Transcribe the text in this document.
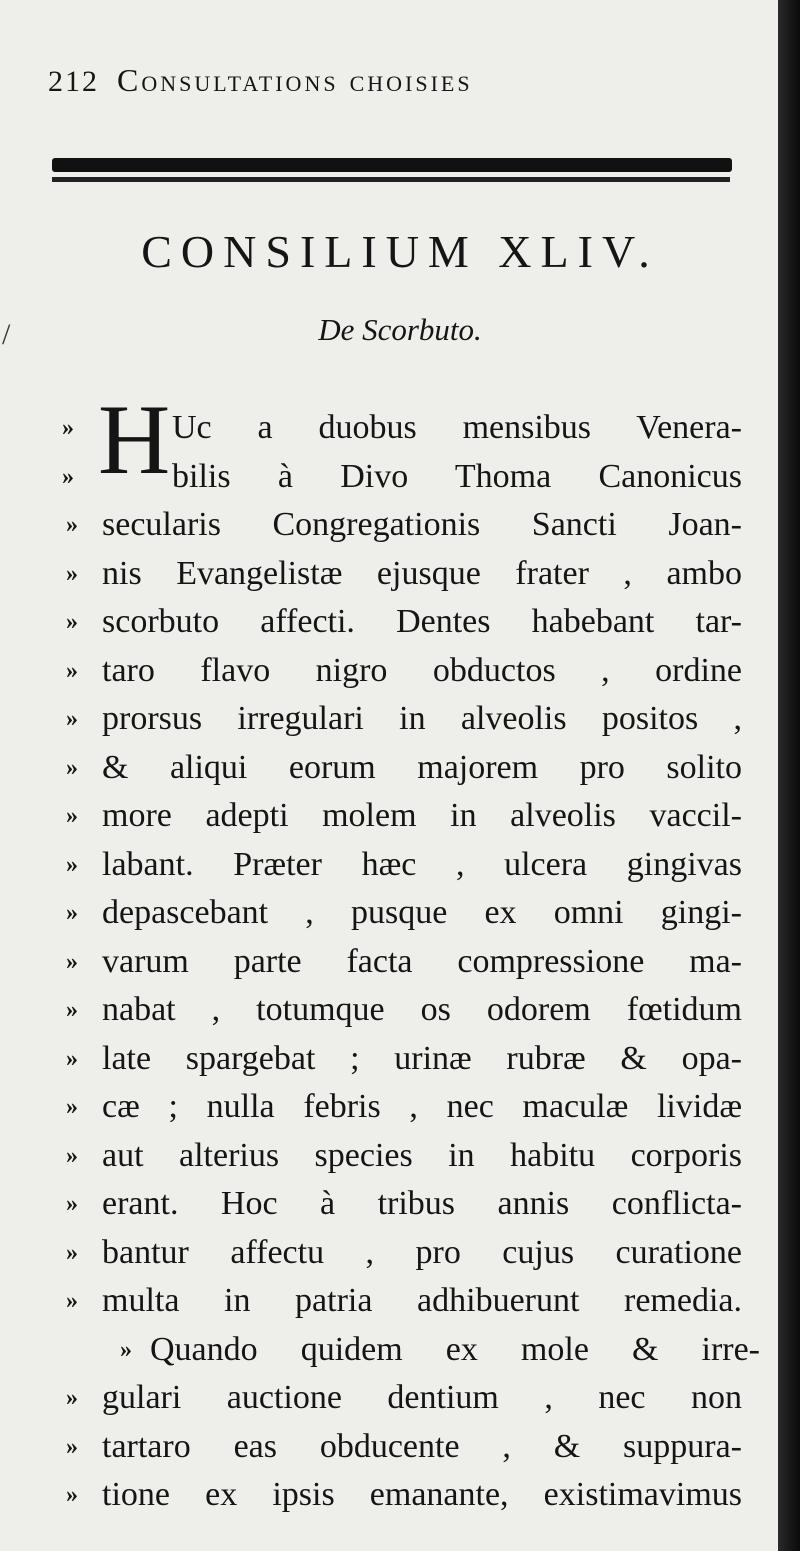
212 Consultations choisies
CONSILIUM XLIV.
De Scorbuto.
/
H
»	Uc a duobus mensibus Venera-
»	bilis à Divo Thoma Canonicus
» secularis Congregationis Sancti Joan-
» nis Evangelistæ ejusque frater , ambo
» scorbuto affecti. Dentes habebant tar-
» taro flavo nigro obductos , ordine
» prorsus irregulari in alveolis positos ,
» & aliqui eorum majorem pro solito
» more adepti molem in alveolis vaccil-
» labant. Præter hæc , ulcera gingivas
» depascebant , pusque ex omni gingi-
» varum parte facta compressione ma-
» nabat , totumque os odorem fœtidum
» late spargebat ; urinæ rubræ & opa-
» cæ ; nulla febris , nec maculæ lividæ
» aut alterius species in habitu corporis
» erant. Hoc à tribus annis conflicta-
» bantur affectu , pro cujus curatione
» multa in patria adhibuerunt remedia.
» Quando quidem ex mole & irre-
» gulari auctione dentium , nec non
» tartaro eas obducente , & suppura-
» tione ex ipsis emanante, existimavimus
